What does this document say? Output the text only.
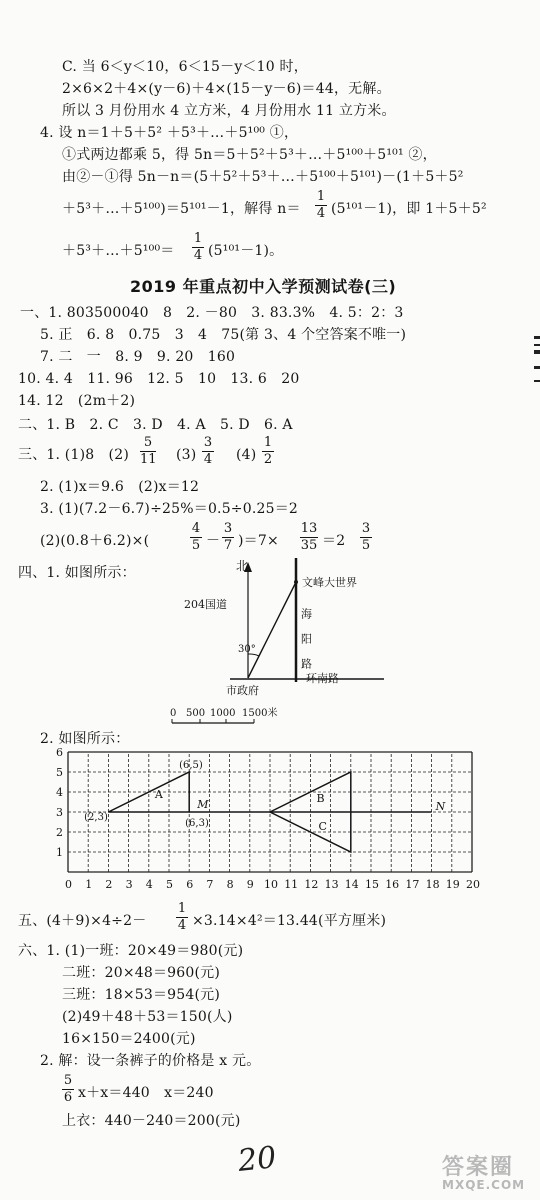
C. 当 6＜y＜10，6＜15－y＜10 时，
2×6×2＋4×(y－6)＋4×(15－y－6)＝44，无解。
所以 3 月份用水 4 立方米，4 月份用水 11 立方米。
4. 设 n＝1＋5＋5² ＋5³＋…＋5¹⁰⁰ ①，
①式两边都乘 5，得 5n＝5＋5²＋5³＋…＋5¹⁰⁰＋5¹⁰¹ ②，
由②－①得 5n－n＝(5＋5²＋5³＋…＋5¹⁰⁰＋5¹⁰¹)－(1＋5＋5²
＋5³＋…＋5¹⁰⁰)＝5¹⁰¹－1，解得 n＝
1
4 (5¹⁰¹－1)，即 1＋5＋5²
＋5³＋…＋5¹⁰⁰＝
1
4 (5¹⁰¹－1)。
2019 年重点初中入学预测试卷(三)
一、1. 803500040　8　2. －80　3. 83.3%　4. 5：2：3
5. 正　6. 8　0.75　3　4　75(第 3、4 个空答案不唯一)
7. 二　一　8. 9　9. 20　160
10. 4. 4　11. 96　12. 5　10　13. 6　20
14. 12　(2m＋2)
二、1. B　2. C　3. D　4. A　5. D　6. A
三、1. (1)8　(2)
5
11 (3)
3
4 (4)
1
2
2. (1)x＝9.6　(2)x＝12
3. (1)(7.2－6.7)÷25%＝0.5÷0.25＝2
(2)(0.8＋6.2)×(
4
5 －
3
7 )＝7×
13
35 ＝2
3
5
四、1. 如图所示：	北
204国道
文峰大世界
海阳路
30°
市政府
环南路
0 500 1000 1500米
2. 如图所示：
0 1 2 3 4 5 6 7 8 9 10 11 12 13 14 15 16 17 18 19 20
1
2
3
4
5
6
(6,5)
(2,3)
(6,3)
A
M	B
C
N
五、(4＋9)×4÷2－
1
4 ×3.14×4²＝13.44(平方厘米)
六、1. (1)一班：20×49＝980(元)
二班：20×48＝960(元)
三班：18×53＝954(元)
(2)49＋48＋53＝150(人)
16×150＝2400(元)
2. 解：设一条裤子的价格是 x 元。
5
6 x＋x＝440　x＝240
上衣：440－240＝200(元)
20	答案圈
MXQE.COM
